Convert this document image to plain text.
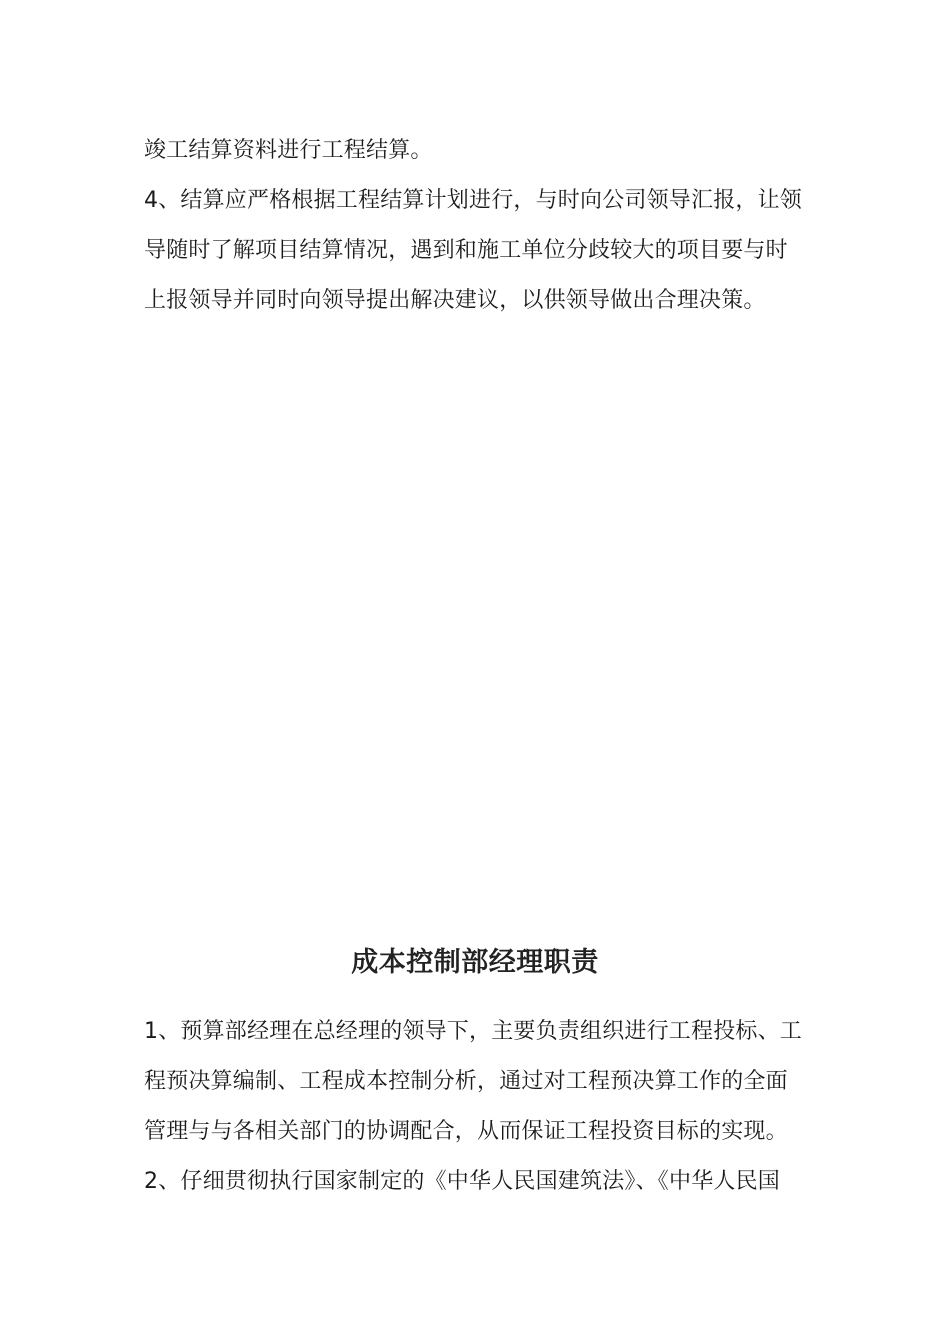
竣工结算资料进行工程结算。
4、结算应严格根据工程结算计划进行，与时向公司领导汇报，让领
导随时了解项目结算情况，遇到和施工单位分歧较大的项目要与时
上报领导并同时向领导提出解决建议，以供领导做出合理决策。
成本控制部经理职责
1、预算部经理在总经理的领导下，主要负责组织进行工程投标、工
程预决算编制、工程成本控制分析，通过对工程预决算工作的全面
管理与与各相关部门的协调配合，从而保证工程投资目标的实现。
2、仔细贯彻执行国家制定的《中华人民国建筑法》、《中华人民国
